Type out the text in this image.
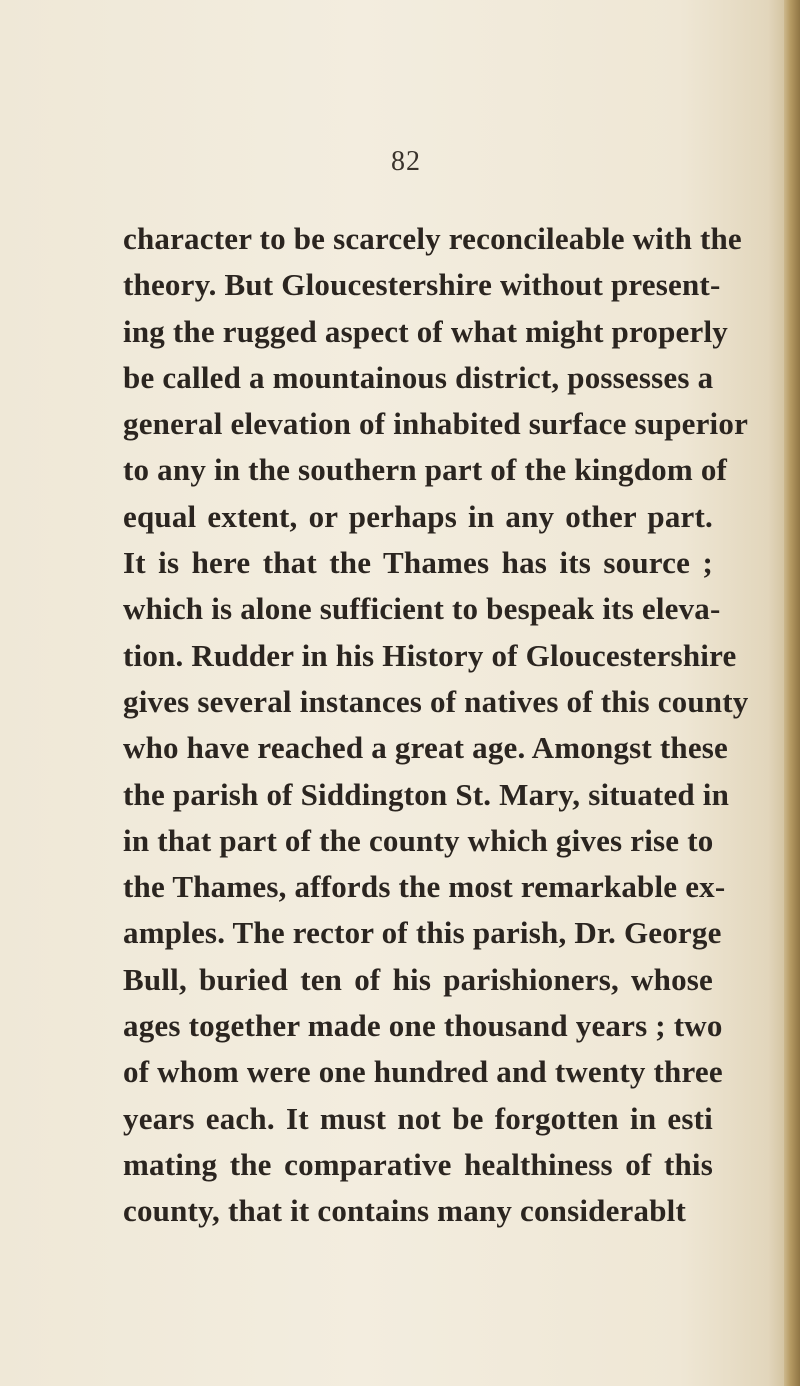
82
character to be scarcely reconcileable with the
theory. But Gloucestershire without present-
ing the rugged aspect of what might properly
be called a mountainous district, possesses a
general elevation of inhabited surface superior
to any in the southern part of the kingdom of
equal extent, or perhaps in any other part.
It is here that the Thames has its source ;
which is alone sufficient to bespeak its eleva-
tion. Rudder in his History of Gloucestershire
gives several instances of natives of this county
who have reached a great age. Amongst these
the parish of Siddington St. Mary, situated in
in that part of the county which gives rise to
the Thames, affords the most remarkable ex-
amples. The rector of this parish, Dr. George
Bull, buried ten of his parishioners, whose
ages together made one thousand years ; two
of whom were one hundred and twenty three
years each. It must not be forgotten in esti
mating the comparative healthiness of this
county, that it contains many considerablt
